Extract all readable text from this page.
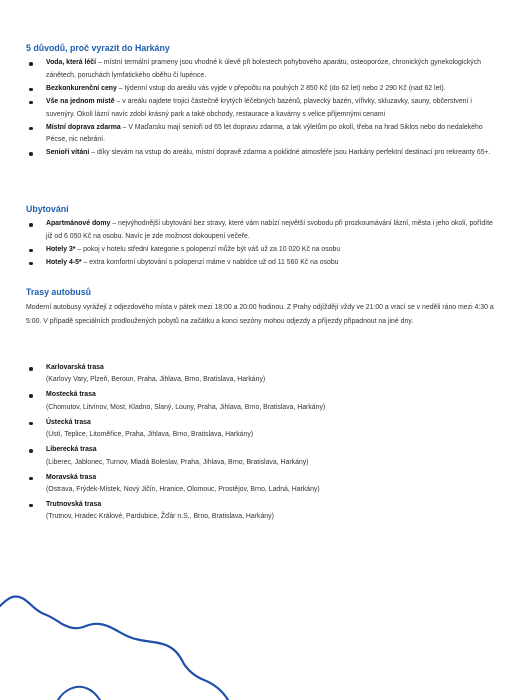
5 důvodů, proč vyrazit do Harkány
Voda, která léčí – místní termální prameny jsou vhodné k úlevě při bolestech pohybového aparátu, osteoporóze, chronických gynekologických zánětech, poruchách lymfatického oběhu či lupénce.
Bezkonkurenční ceny – týdenní vstup do areálu vás vyjde v přepočtu na pouhých 2 850 Kč (do 62 let) nebo 2 290 Kč (nad 62 let).
Vše na jednom místě – v areálu najdete trojici částečně krytých léčebných bazénů, plavecký bazén, vířivky, skluzavky, sauny, občerstvení i suvenýry. Okolí lázní navíc zdobí krásný park a také obchody, restaurace a kavárny s velice příjemnými cenami
Místní doprava zdarma – V Maďarsku mají senioři od 65 let dopravu zdarma, a tak výletům po okolí, třeba na hrad Siklos nebo do nedalekého Pécse, nic nebrání.
Senioři vítáni – díky slevám na vstup do areálu, místní dopravě zdarma a poklidné atmosféře jsou Harkány perfektní destinací pro rekreanty 65+.
Ubytování
Apartmánové domy – nejvýhodnější ubytování bez stravy, které vám nabízí největší svobodu při prozkoumávání lázní, města i jeho okolí, pořídíte již od 6 050 Kč na osobu. Navíc je zde možnost dokoupení večeře.
Hotely 3* – pokoj v hotelu střední kategorie s polopenzí může být váš už za 10 020 Kč na osobu
Hotely 4-5* – extra komfortní ubytování s polopenzí máme v nabídce už od 11 560 Kč na osobu
Trasy autobusů

Moderní autobusy vyrážejí z odjezdového místa v pátek mezi 18:00 a 20:00 hodinou. Z Prahy odjíždějí vždy ve 21:00 a vrací se v neděli ráno mezi 4:30 a 5:00. V případě speciálních prodloužených pobytů na začátku a konci sezóny mohou odjezdy a příjezdy připadnout na jiné dny.

Karlovarská trasa
(Karlovy Vary, Plzeň, Beroun, Praha, Jihlava, Brno, Bratislava, Harkány)
Mostecká trasa
(Chomutov, Litvínov, Most, Kladno, Slaný, Louny, Praha, Jihlava, Brno, Bratislava, Harkány)
Ústecká trasa
(Ústí, Teplice, Litoměřice, Praha, Jihlava, Brno, Bratislava, Harkány)
Liberecká trasa
(Liberec, Jablonec, Turnov, Mladá Boleslav, Praha, Jihlava, Brno, Bratislava, Harkány)
Moravská trasa
(Ostrava, Frýdek-Místek, Nový Jičín, Hranice, Olomouc, Prostějov, Brno, Ladná, Harkány)
Trutnovská trasa
(Trutnov, Hradec Králové, Pardubice, Žďár n.S., Brno, Bratislava, Harkány)
